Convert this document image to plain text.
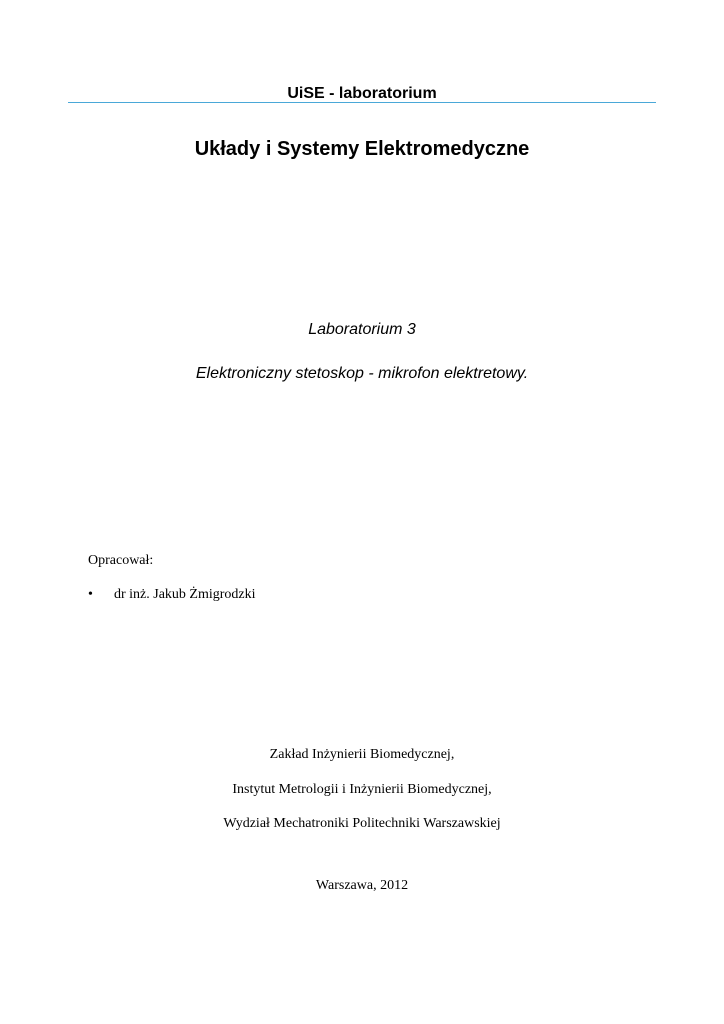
UiSE - laboratorium
Układy i Systemy Elektromedyczne
Laboratorium 3
Elektroniczny stetoskop - mikrofon elektretowy.
Opracował:
•	dr inż. Jakub Żmigrodzki
Zakład Inżynierii Biomedycznej,
Instytut Metrologii i Inżynierii Biomedycznej,
Wydział Mechatroniki Politechniki Warszawskiej
Warszawa, 2012
